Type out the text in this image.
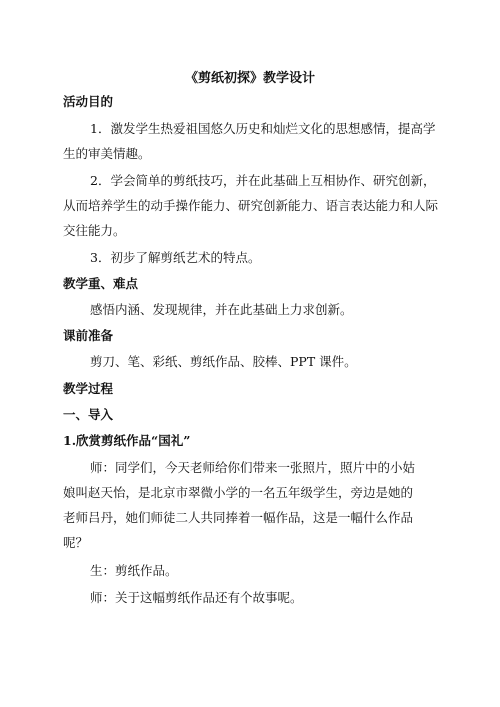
《剪纸初探》教学设计
活动目的
1．激发学生热爱祖国悠久历史和灿烂文化的思想感情，提高学
生的审美情趣。
2．学会简单的剪纸技巧，并在此基础上互相协作、研究创新，
从而培养学生的动手操作能力、研究创新能力、语言表达能力和人际
交往能力。
3．初步了解剪纸艺术的特点。
教学重、难点
感悟内涵、发现规律，并在此基础上力求创新。
课前准备
剪刀、笔、彩纸、剪纸作品、胶棒、PPT 课件。
教学过程
一、导入
1.欣赏剪纸作品“国礼”
师：同学们，今天老师给你们带来一张照片，照片中的小姑
娘叫赵天怡，是北京市翠微小学的一名五年级学生，旁边是她的
老师吕丹，她们师徒二人共同捧着一幅作品，这是一幅什么作品
呢？
生：剪纸作品。
师：关于这幅剪纸作品还有个故事呢。
